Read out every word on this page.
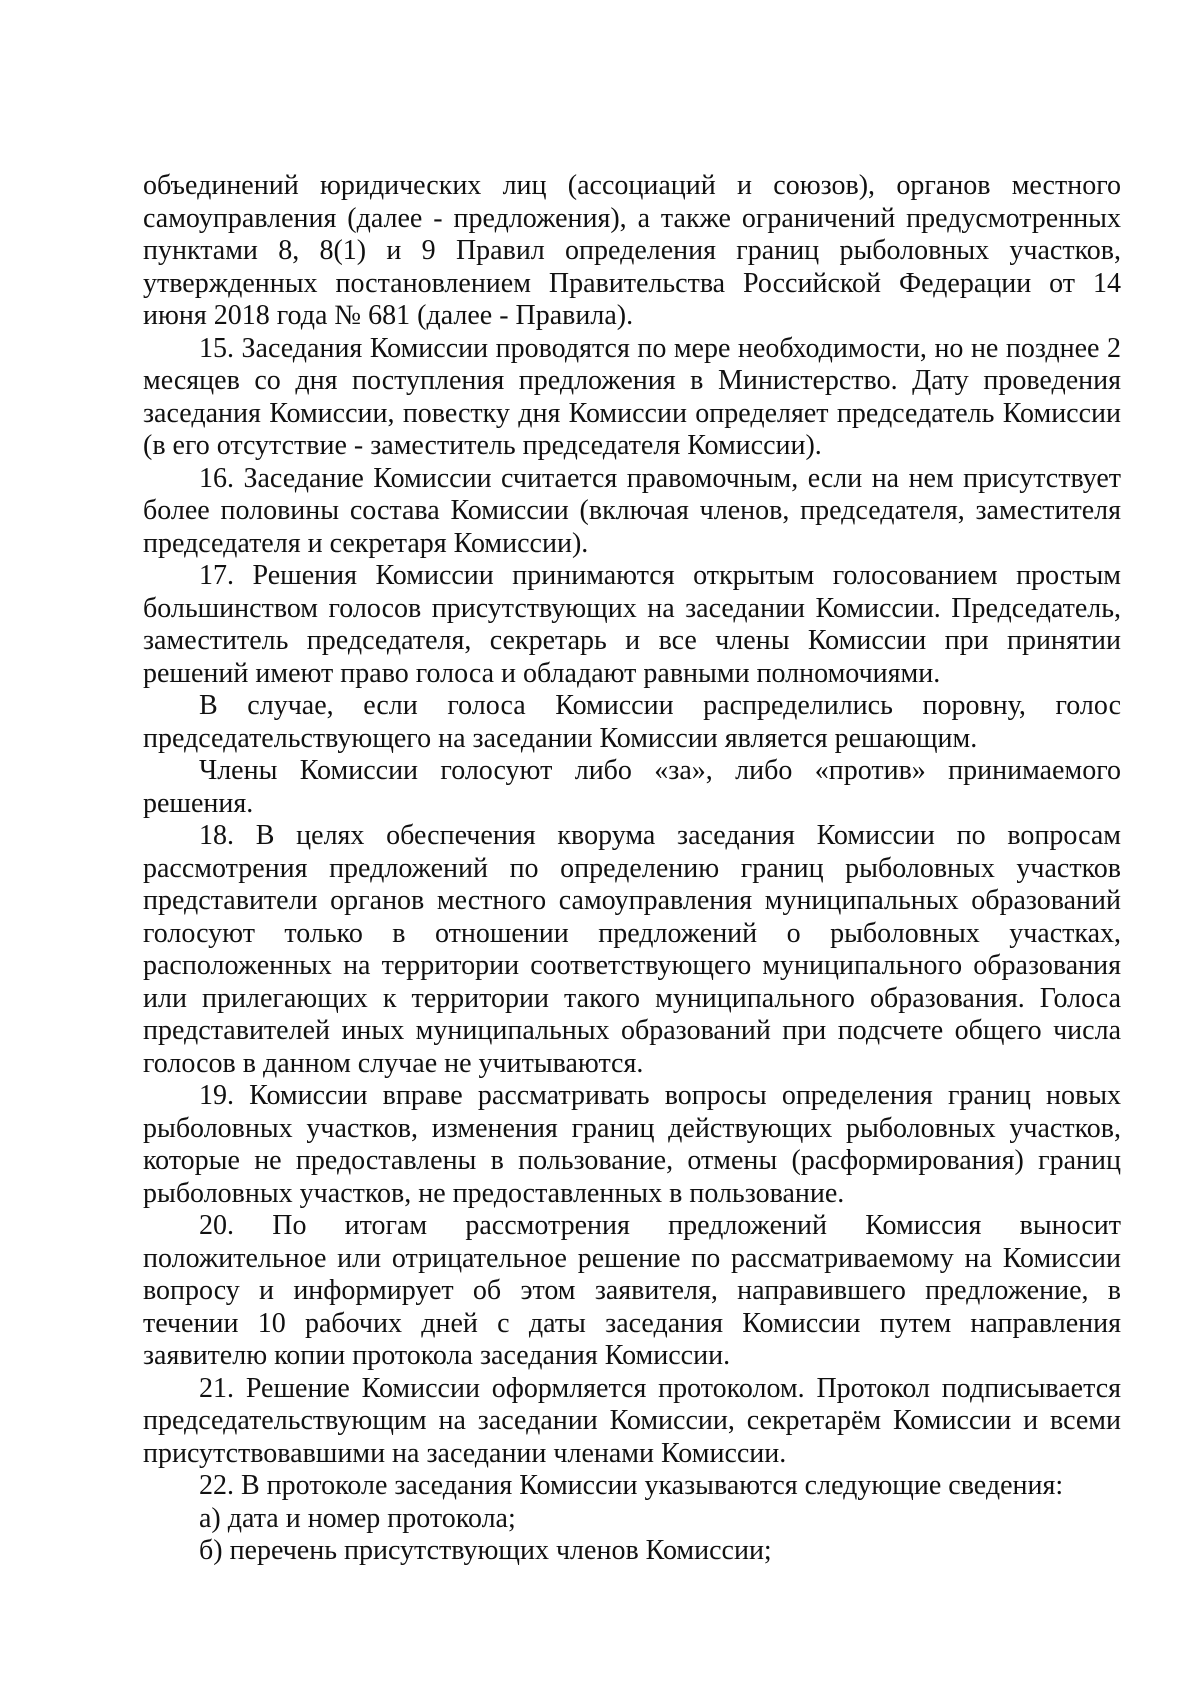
объединений юридических лиц (ассоциаций и союзов), органов местного самоуправления (далее - предложения), а также ограничений предусмотренных пунктами 8, 8(1) и 9 Правил определения границ рыболовных участков, утвержденных постановлением Правительства Российской Федерации от 14 июня 2018 года № 681 (далее - Правила).

15. Заседания Комиссии проводятся по мере необходимости, но не позднее 2 месяцев со дня поступления предложения в Министерство. Дату проведения заседания Комиссии, повестку дня Комиссии определяет председатель Комиссии (в его отсутствие - заместитель председателя Комиссии).

16. Заседание Комиссии считается правомочным, если на нем присутствует более половины состава Комиссии (включая членов, председателя, заместителя председателя и секретаря Комиссии).

17. Решения Комиссии принимаются открытым голосованием простым большинством голосов присутствующих на заседании Комиссии. Председатель, заместитель председателя, секретарь и все члены Комиссии при принятии решений имеют право голоса и обладают равными полномочиями.

В случае, если голоса Комиссии распределились поровну, голос председательствующего на заседании Комиссии является решающим.

Члены Комиссии голосуют либо «за», либо «против» принимаемого решения.

18. В целях обеспечения кворума заседания Комиссии по вопросам рассмотрения предложений по определению границ рыболовных участков представители органов местного самоуправления муниципальных образований голосуют только в отношении предложений о рыболовных участках, расположенных на территории соответствующего муниципального образования или прилегающих к территории такого муниципального образования. Голоса представителей иных муниципальных образований при подсчете общего числа голосов в данном случае не учитываются.

19. Комиссии вправе рассматривать вопросы определения границ новых рыболовных участков, изменения границ действующих рыболовных участков, которые не предоставлены в пользование, отмены (расформирования) границ рыболовных участков, не предоставленных в пользование.

20. По итогам рассмотрения предложений Комиссия выносит положительное или отрицательное решение по рассматриваемому на Комиссии вопросу и информирует об этом заявителя, направившего предложение, в течении 10 рабочих дней с даты заседания Комиссии путем направления заявителю копии протокола заседания Комиссии.

21. Решение Комиссии оформляется протоколом. Протокол подписывается председательствующим на заседании Комиссии, секретарём Комиссии и всеми присутствовавшими на заседании членами Комиссии.

22. В протоколе заседания Комиссии указываются следующие сведения:

а) дата и номер протокола;

б) перечень присутствующих членов Комиссии;
